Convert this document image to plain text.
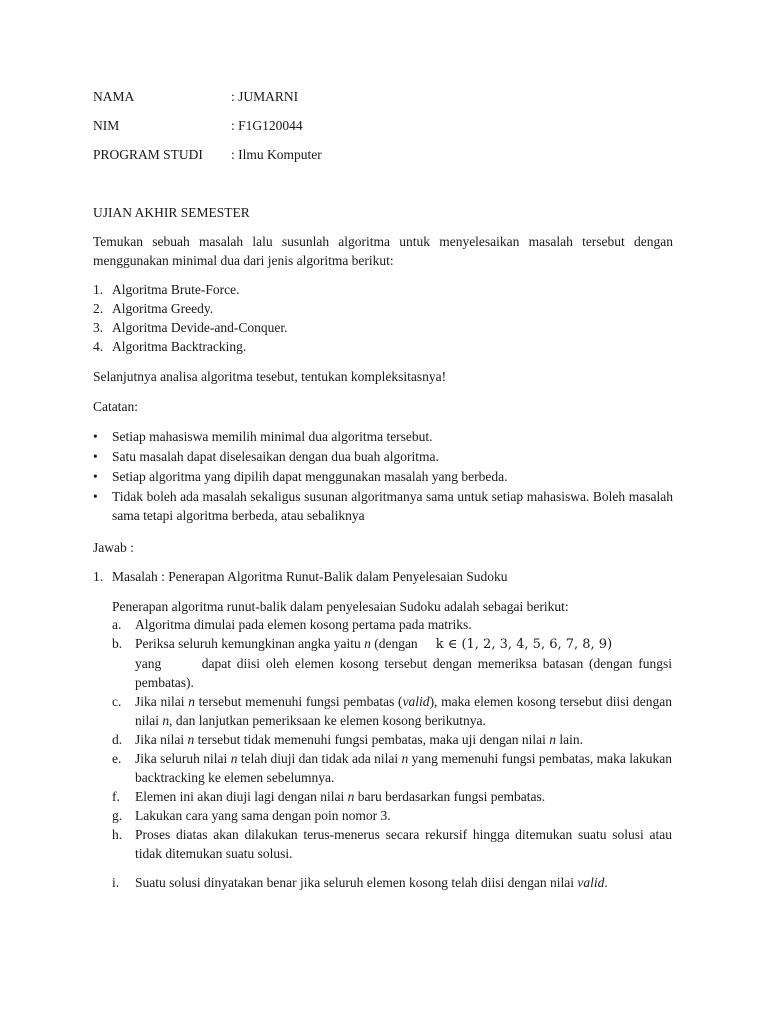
NAMA	: JUMARNI
NIM	: F1G120044
PROGRAM STUDI : Ilmu Komputer
UJIAN AKHIR SEMESTER
Temukan sebuah masalah lalu susunlah algoritma untuk menyelesaikan masalah tersebut dengan menggunakan minimal dua dari jenis algoritma berikut:
1. Algoritma Brute-Force.
2. Algoritma Greedy.
3. Algoritma Devide-and-Conquer.
4. Algoritma Backtracking.
Selanjutnya analisa algoritma tesebut, tentukan kompleksitasnya!
Catatan:
• Setiap mahasiswa memilih minimal dua algoritma tersebut.
• Satu masalah dapat diselesaikan dengan dua buah algoritma.
• Setiap algoritma yang dipilih dapat menggunakan masalah yang berbeda.
• Tidak boleh ada masalah sekaligus susunan algoritmanya sama untuk setiap mahasiswa. Boleh masalah sama tetapi algoritma berbeda, atau sebaliknya
Jawab :
1. Masalah : Penerapan Algoritma Runut-Balik dalam Penyelesaian Sudoku
Penerapan algoritma runut-balik dalam penyelesaian Sudoku adalah sebagai berikut:
a. Algoritma dimulai pada elemen kosong pertama pada matriks.
b. Periksa seluruh kemungkinan angka yaitu n (dengan k ∈ (1, 2, 3, 4, 5, 6, 7, 8, 9)
yang	dapat diisi oleh elemen kosong tersebut dengan memeriksa batasan (dengan fungsi pembatas).
c. Jika nilai n tersebut memenuhi fungsi pembatas (valid), maka elemen kosong tersebut diisi dengan nilai n, dan lanjutkan pemeriksaan ke elemen kosong berikutnya.
d. Jika nilai n tersebut tidak memenuhi fungsi pembatas, maka uji dengan nilai n lain.
e. Jika seluruh nilai n telah diuji dan tidak ada nilai n yang memenuhi fungsi pembatas, maka lakukan backtracking ke elemen sebelumnya.
f. Elemen ini akan diuji lagi dengan nilai n baru berdasarkan fungsi pembatas.
g. Lakukan cara yang sama dengan poin nomor 3.
h. Proses diatas akan dilakukan terus-menerus secara rekursif hingga ditemukan suatu solusi atau tidak ditemukan suatu solusi.
i. Suatu solusi dinyatakan benar jika seluruh elemen kosong telah diisi dengan nilai valid.
